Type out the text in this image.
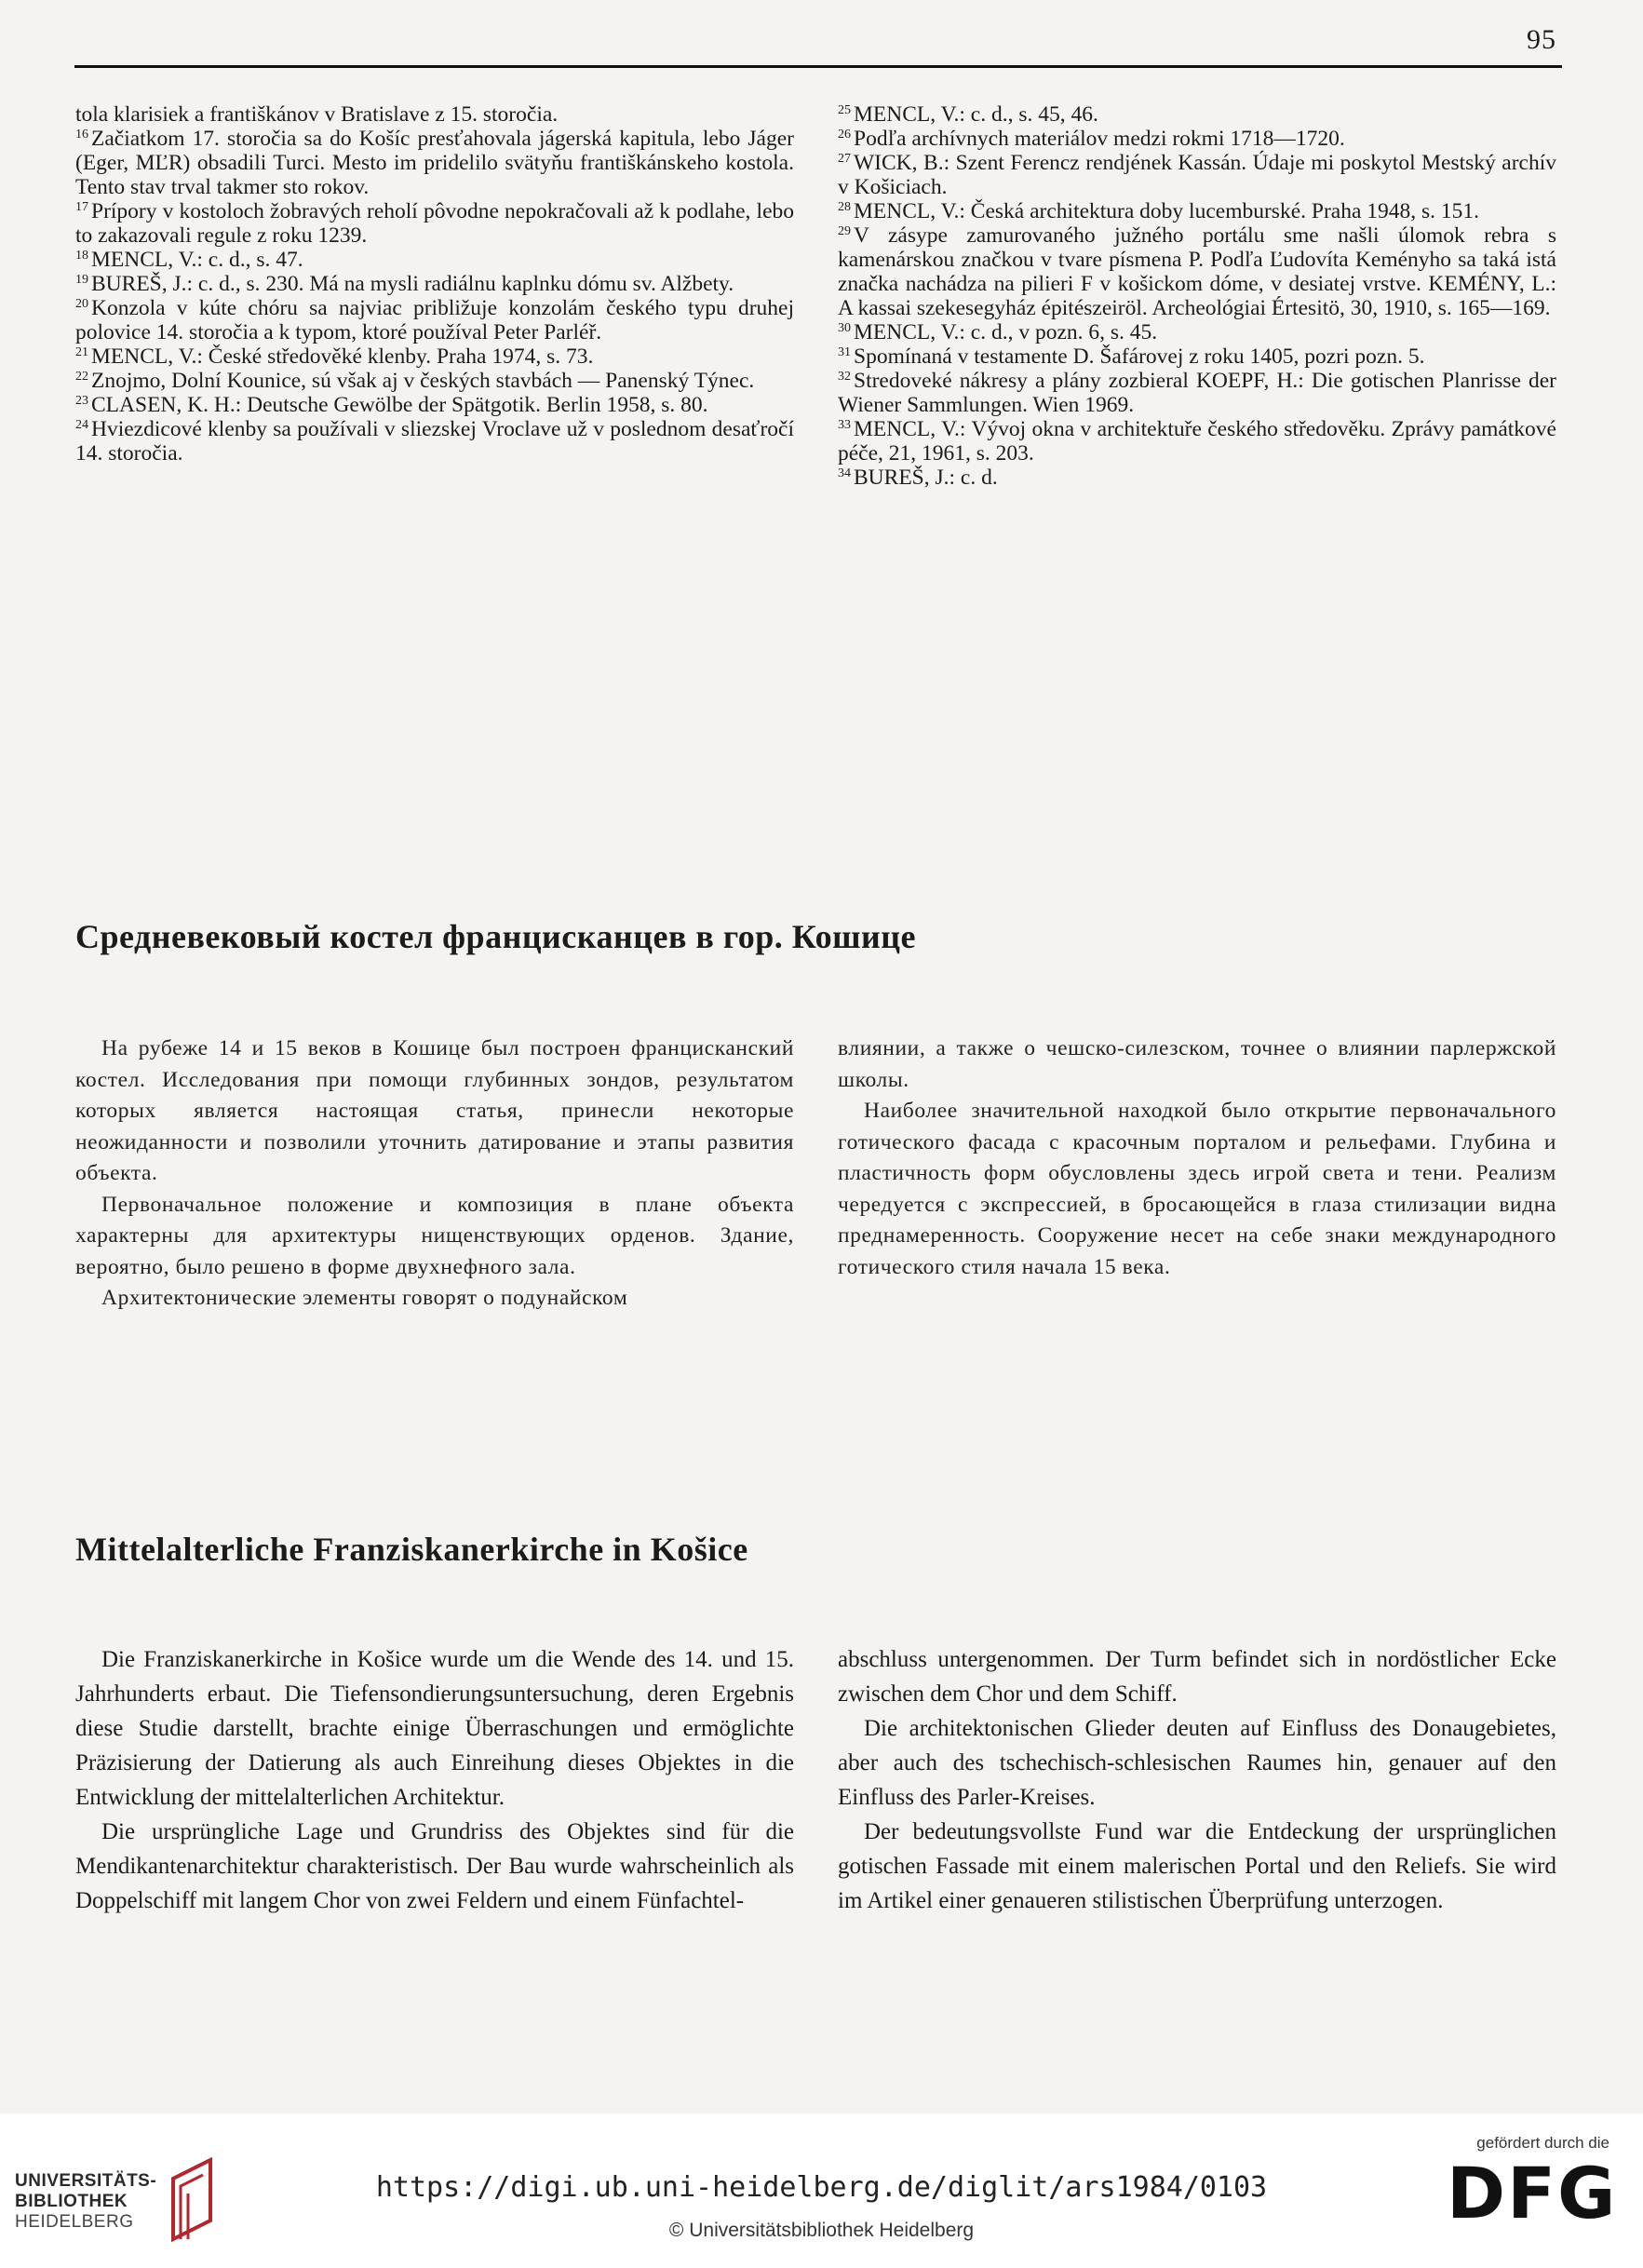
95

tola klarisiek a františkánov v Bratislave z 15. storočia.

$^{16}$ Začiatkom 17. storočia sa do Košíc presťahovala jágerská kapitula, lebo Jáger (Eger, MĽR) obsadili Turci. Mesto im pridelilo svätyňu františkánskeho kostola. Tento stav trval takmer sto rokov.

$^{17}$ Prípory v kostoloch žobravých reholí pôvodne nepokračovali až k podlahe, lebo to zakazovali regule z roku 1239.

$^{18}$ MENCL, V.: c. d., s. 47.

$^{19}$ BUREŠ, J.: c. d., s. 230. Má na mysli radiálnu kaplnku dómu sv. Alžbety.

$^{20}$ Konzola v kúte chóru sa najviac približuje konzolám českého typu druhej polovice 14. storočia a k typom, ktoré používal Peter Parléř.

$^{21}$ MENCL, V.: České středověké klenby. Praha 1974, s. 73.

$^{22}$ Znojmo, Dolní Kounice, sú však aj v českých stavbách — Panenský Týnec.

$^{23}$ CLASEN, K. H.: Deutsche Gewölbe der Spätgotik. Berlin 1958, s. 80.

$^{24}$ Hviezdicové klenby sa používali v sliezskej Vroclave už v poslednom desaťročí 14. storočia.

$^{25}$ MENCL, V.: c. d., s. 45, 46.

$^{26}$ Podľa archívnych materiálov medzi rokmi 1718—1720.

$^{27}$ WICK, B.: Szent Ferencz rendjének Kassán. Údaje mi poskytol Mestský archív v Košiciach.

$^{28}$ MENCL, V.: Česká architektura doby lucemburské. Praha 1948, s. 151.

$^{29}$ V zásype zamurovaného južného portálu sme našli úlomok rebra s kamenárskou značkou v tvare písmena P. Podľa Ľudovíta Keményho sa taká istá značka nachádza na pilieri F v košickom dóme, v desiatej vrstve. KEMÉNY, L.: A kassai szekesegyház épitészeiröl. Archeológiai Értesitö, 30, 1910, s. 165—169.

$^{30}$ MENCL, V.: c. d., v pozn. 6, s. 45.

$^{31}$ Spomínaná v testamente D. Šafárovej z roku 1405, pozri pozn. 5.

$^{32}$ Stredoveké nákresy a plány zozbieral KOEPF, H.: Die gotischen Planrisse der Wiener Sammlungen. Wien 1969.

$^{33}$ MENCL, V.: Vývoj okna v architektuře českého středověku. Zprávy památkové péče, 21, 1961, s. 203.

$^{34}$ BUREŠ, J.: c. d.

Средневековый костел францисканцев в гор. Кошице

На рубеже 14 и 15 веков в Кошице был построен францисканский костел. Исследования при помощи глубинных зондов, результатом которых является настоящая статья, принесли некоторые неожиданности и позволили уточнить датирование и этапы развития объекта.

Первоначальное положение и композиция в плане объекта характерны для архитектуры нищенствующих орденов. Здание, вероятно, было решено в форме двухнефного зала.

Архитектонические элементы говорят о подунайском

влиянии, а также о чешско-силезском, точнее о влиянии парлержской школы.

Наиболее значительной находкой было открытие первоначального готического фасада с красочным порталом и рельефами. Глубина и пластичность форм обусловлены здесь игрой света и тени. Реализм чередуется с экспрессией, в бросающейся в глаза стилизации видна преднамеренность. Сооружение несет на себе знаки международного готического стиля начала 15 века.

Mittelalterliche Franziskanerkirche in Košice

Die Franziskanerkirche in Košice wurde um die Wende des 14. und 15. Jahrhunderts erbaut. Die Tiefensondierungsuntersuchung, deren Ergebnis diese Studie darstellt, brachte einige Überraschungen und ermöglichte Präzisierung der Datierung als auch Einreihung dieses Objektes in die Entwicklung der mittelalterlichen Architektur.

Die ursprüngliche Lage und Grundriss des Objektes sind für die Mendikantenarchitektur charakteristisch. Der Bau wurde wahrscheinlich als Doppelschiff mit langem Chor von zwei Feldern und einem Fünfachtel-

abschluss untergenommen. Der Turm befindet sich in nordöstlicher Ecke zwischen dem Chor und dem Schiff.

Die architektonischen Glieder deuten auf Einfluss des Donaugebietes, aber auch des tschechisch-schlesischen Raumes hin, genauer auf den Einfluss des Parler-Kreises.

Der bedeutungsvollste Fund war die Entdeckung der ursprünglichen gotischen Fassade mit einem malerischen Portal und den Reliefs. Sie wird im Artikel einer genaueren stilistischen Überprüfung unterzogen.

UNIVERSITÄTS-
BIBLIOTHEK
HEIDELBERG
https://digi.ub.uni-heidelberg.de/diglit/ars1984/0103
© Universitätsbibliothek Heidelberg
gefördert durch die
DFG
